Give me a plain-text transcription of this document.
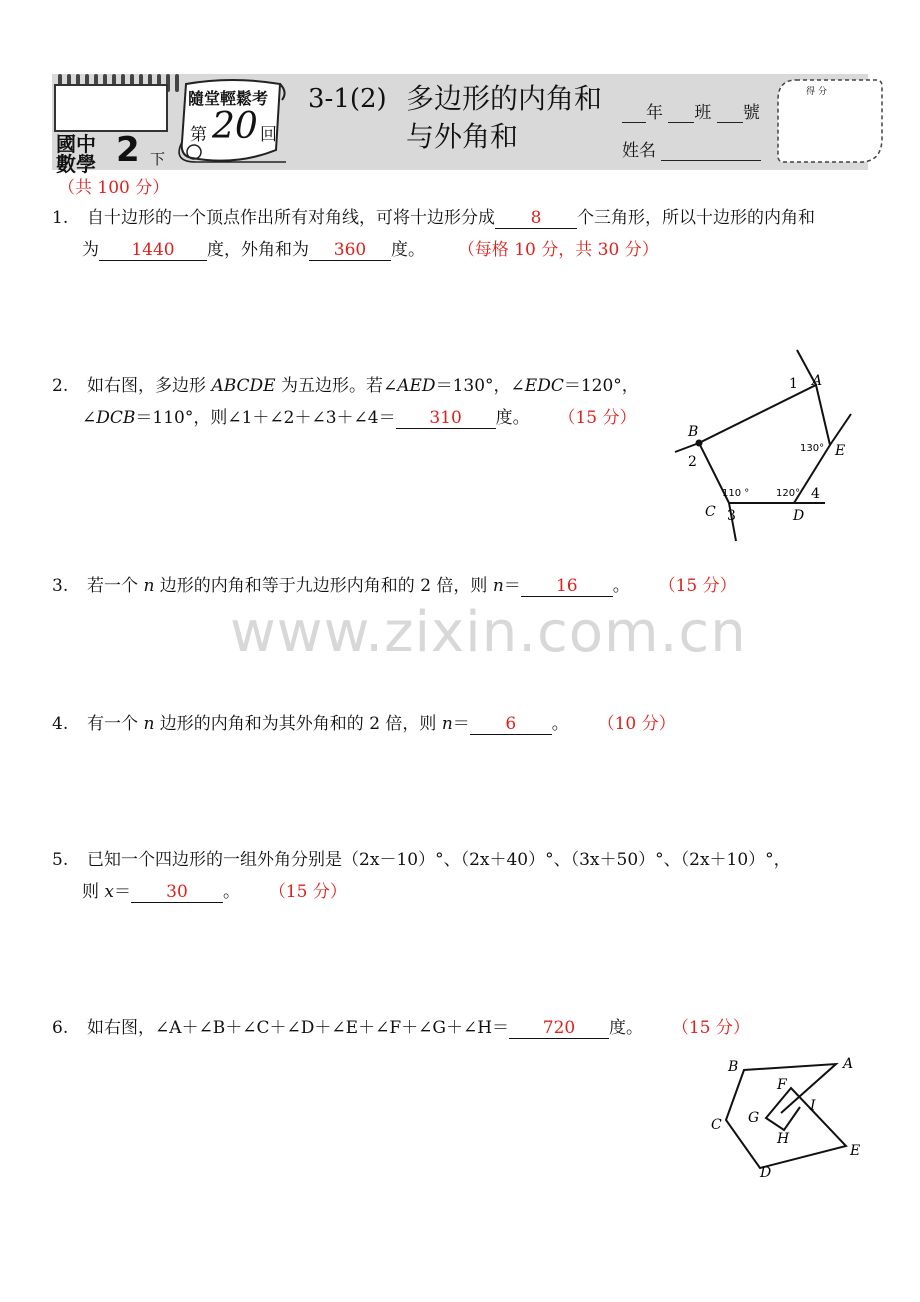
國中
數學 2 下
隨堂輕鬆考
第 20 回
3-1(2) 多边形的内角和
与外角和
年 班 號
姓名
得分
（共 100 分）
1. 自十边形的一个顶点作出所有对角线，可将十边形分成 8 个三角形，所以十边形的内角和
为 1440 度，外角和为 360 度。 （每格 10 分，共 30 分）
2. 如右图，多边形 ABCDE 为五边形。若∠AED＝130°，∠EDC＝120°，
∠DCB＝110°，则∠1＋∠2＋∠3＋∠4＝ 310 度。 （15 分）
A
1
B
2
E
130°
C 3
110 °
D
120° 4
3. 若一个 n 边形的内角和等于九边形内角和的 2 倍，则 n＝ 16 。 （15 分）
www.zixin.com.cn
4. 有一个 n 边形的内角和为其外角和的 2 倍，则 n＝ 6 。 （10 分）
5. 已知一个四边形的一组外角分别是（2x－10）°、（2x＋40）°、（3x＋50）°、（2x＋10）°，
则 x＝ 30 。 （15 分）
6. 如右图，∠A＋∠B＋∠C＋∠D＋∠E＋∠F＋∠G＋∠H＝ 720 度。 （15 分）
A
B
C
D
E
F
G
H
I
